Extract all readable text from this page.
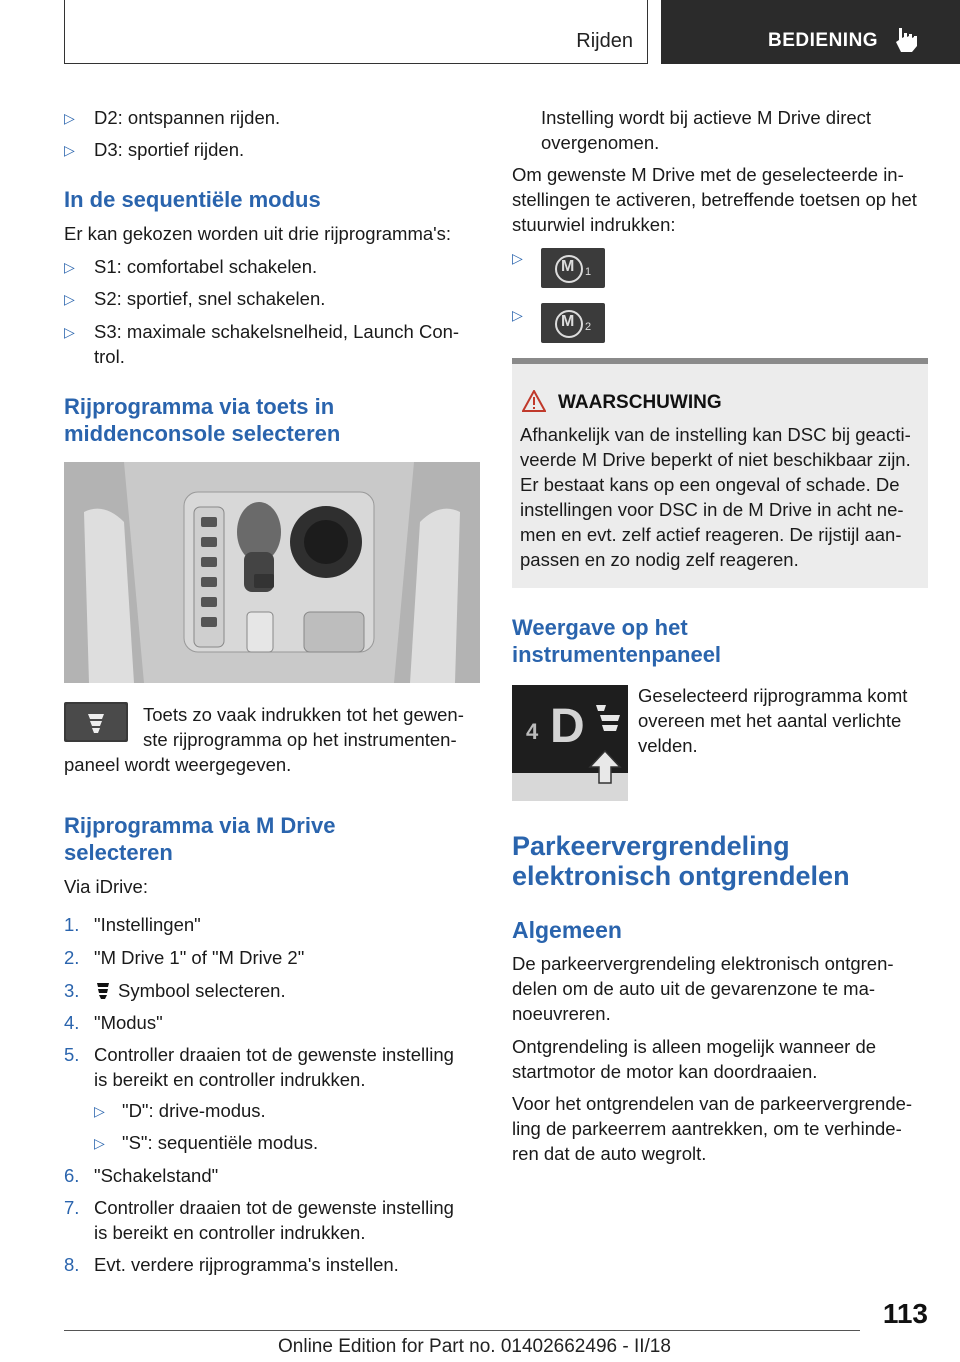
Rijden	BEDIENING
▷ D2: ontspannen rijden.
▷ D3: sportief rijden.
In de sequentiële modus
Er kan gekozen worden uit drie rijprogramma's:
▷ S1: comfortabel schakelen.
▷ S2: sportief, snel schakelen.
▷ S3: maximale schakelsnelheid, Launch Con-
trol.
Rijprogramma via toets in
middenconsole selecteren
Toets zo vaak indrukken tot het gewen-
ste rijprogramma op het instrumenten-
paneel wordt weergegeven.
Rijprogramma via M Drive
selecteren
Via iDrive:
1. "Instellingen"
2. "M Drive 1" of "M Drive 2"
3. Symbool selecteren.
4. "Modus"
5. Controller draaien tot de gewenste instelling
is bereikt en controller indrukken.
▷ "D": drive-modus.
▷ "S": sequentiële modus.
6. "Schakelstand"
7. Controller draaien tot de gewenste instelling
is bereikt en controller indrukken.
8. Evt. verdere rijprogramma's instellen.
Instelling wordt bij actieve M Drive direct
overgenomen.
Om gewenste M Drive met de geselecteerde in-
stellingen te activeren, betreffende toetsen op het
stuurwiel indrukken:
▷ M 1
▷ M 2
WAARSCHUWING
Afhankelijk van de instelling kan DSC bij geacti-
veerde M Drive beperkt of niet beschikbaar zijn.
Er bestaat kans op een ongeval of schade. De
instellingen voor DSC in de M Drive in acht ne-
men en evt. zelf actief reageren. De rijstijl aan-
passen en zo nodig zelf reageren.
Weergave op het
instrumentenpaneel
4 D
Geselecteerd rijprogramma komt
overeen met het aantal verlichte
velden.
Parkeervergrendeling
elektronisch ontgrendelen
Algemeen
De parkeervergrendeling elektronisch ontgren-
delen om de auto uit de gevarenzone te ma-
noeuvreren.
Ontgrendeling is alleen mogelijk wanneer de
startmotor de motor kan doordraaien.
Voor het ontgrendelen van de parkeervergrende-
ling de parkeerrem aantrekken, om te verhinde-
ren dat de auto wegrolt.
113
Online Edition for Part no. 01402662496 - II/18
